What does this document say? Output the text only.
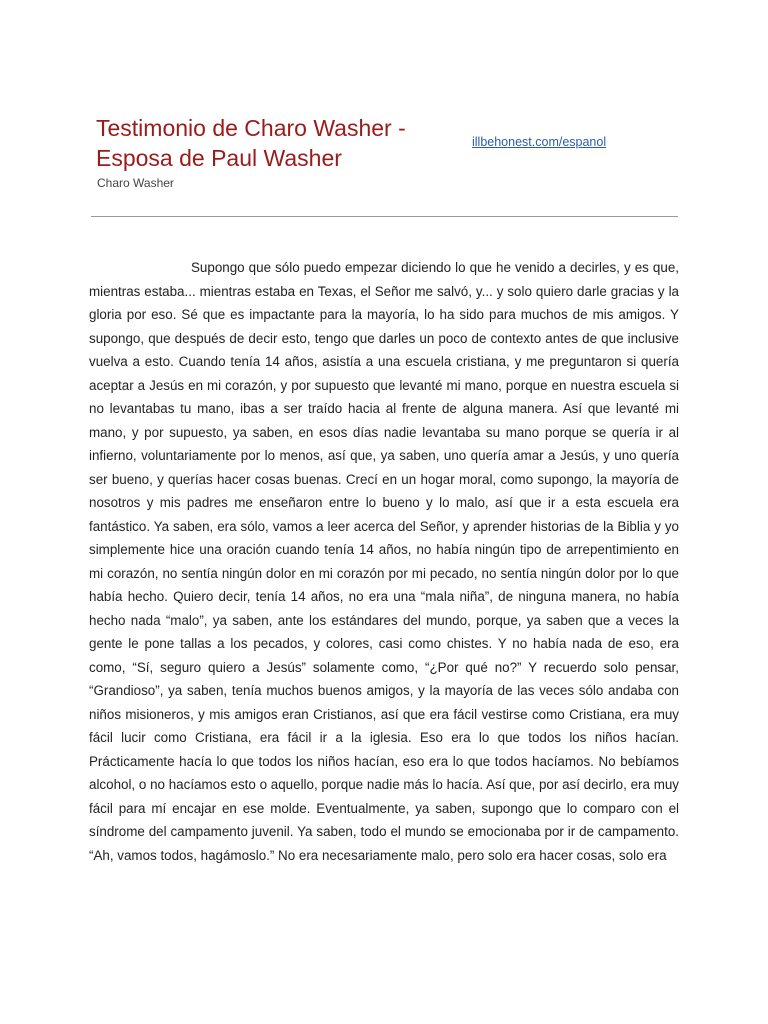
Testimonio de Charo Washer - Esposa de Paul Washer
Charo Washer
illbehonest.com/espanol

Supongo que sólo puedo empezar diciendo lo que he venido a decirles, y es que, mientras estaba... mientras estaba en Texas, el Señor me salvó, y... y solo quiero darle gracias y la gloria por eso. Sé que es impactante para la mayoría, lo ha sido para muchos de mis amigos. Y supongo, que después de decir esto, tengo que darles un poco de contexto antes de que inclusive vuelva a esto. Cuando tenía 14 años, asistía a una escuela cristiana, y me preguntaron si quería aceptar a Jesús en mi corazón, y por supuesto que levanté mi mano, porque en nuestra escuela si no levantabas tu mano, ibas a ser traído hacia al frente de alguna manera. Así que levanté mi mano, y por supuesto, ya saben, en esos días nadie levantaba su mano porque se quería ir al infierno, voluntariamente por lo menos, así que, ya saben, uno quería amar a Jesús, y uno quería ser bueno, y querías hacer cosas buenas. Crecí en un hogar moral, como supongo, la mayoría de nosotros y mis padres me enseñaron entre lo bueno y lo malo, así que ir a esta escuela era fantástico. Ya saben, era sólo, vamos a leer acerca del Señor, y aprender historias de la Biblia y yo simplemente hice una oración cuando tenía 14 años, no había ningún tipo de arrepentimiento en mi corazón, no sentía ningún dolor en mi corazón por mi pecado, no sentía ningún dolor por lo que había hecho. Quiero decir, tenía 14 años, no era una “mala niña”, de ninguna manera, no había hecho nada “malo”, ya saben, ante los estándares del mundo, porque, ya saben que a veces la gente le pone tallas a los pecados, y colores, casi como chistes. Y no había nada de eso, era como, “Sí, seguro quiero a Jesús” solamente como, “¿Por qué no?” Y recuerdo solo pensar, “Grandioso”, ya saben, tenía muchos buenos amigos, y la mayoría de las veces sólo andaba con niños misioneros, y mis amigos eran Cristianos, así que era fácil vestirse como Cristiana, era muy fácil lucir como Cristiana, era fácil ir a la iglesia. Eso era lo que todos los niños hacían. Prácticamente hacía lo que todos los niños hacían, eso era lo que todos hacíamos. No bebíamos alcohol, o no hacíamos esto o aquello, porque nadie más lo hacía. Así que, por así decirlo, era muy fácil para mí encajar en ese molde. Eventualmente, ya saben, supongo que lo comparo con el síndrome del campamento juvenil. Ya saben, todo el mundo se emocionaba por ir de campamento. “Ah, vamos todos, hagámoslo.” No era necesariamente malo, pero solo era hacer cosas, solo era
